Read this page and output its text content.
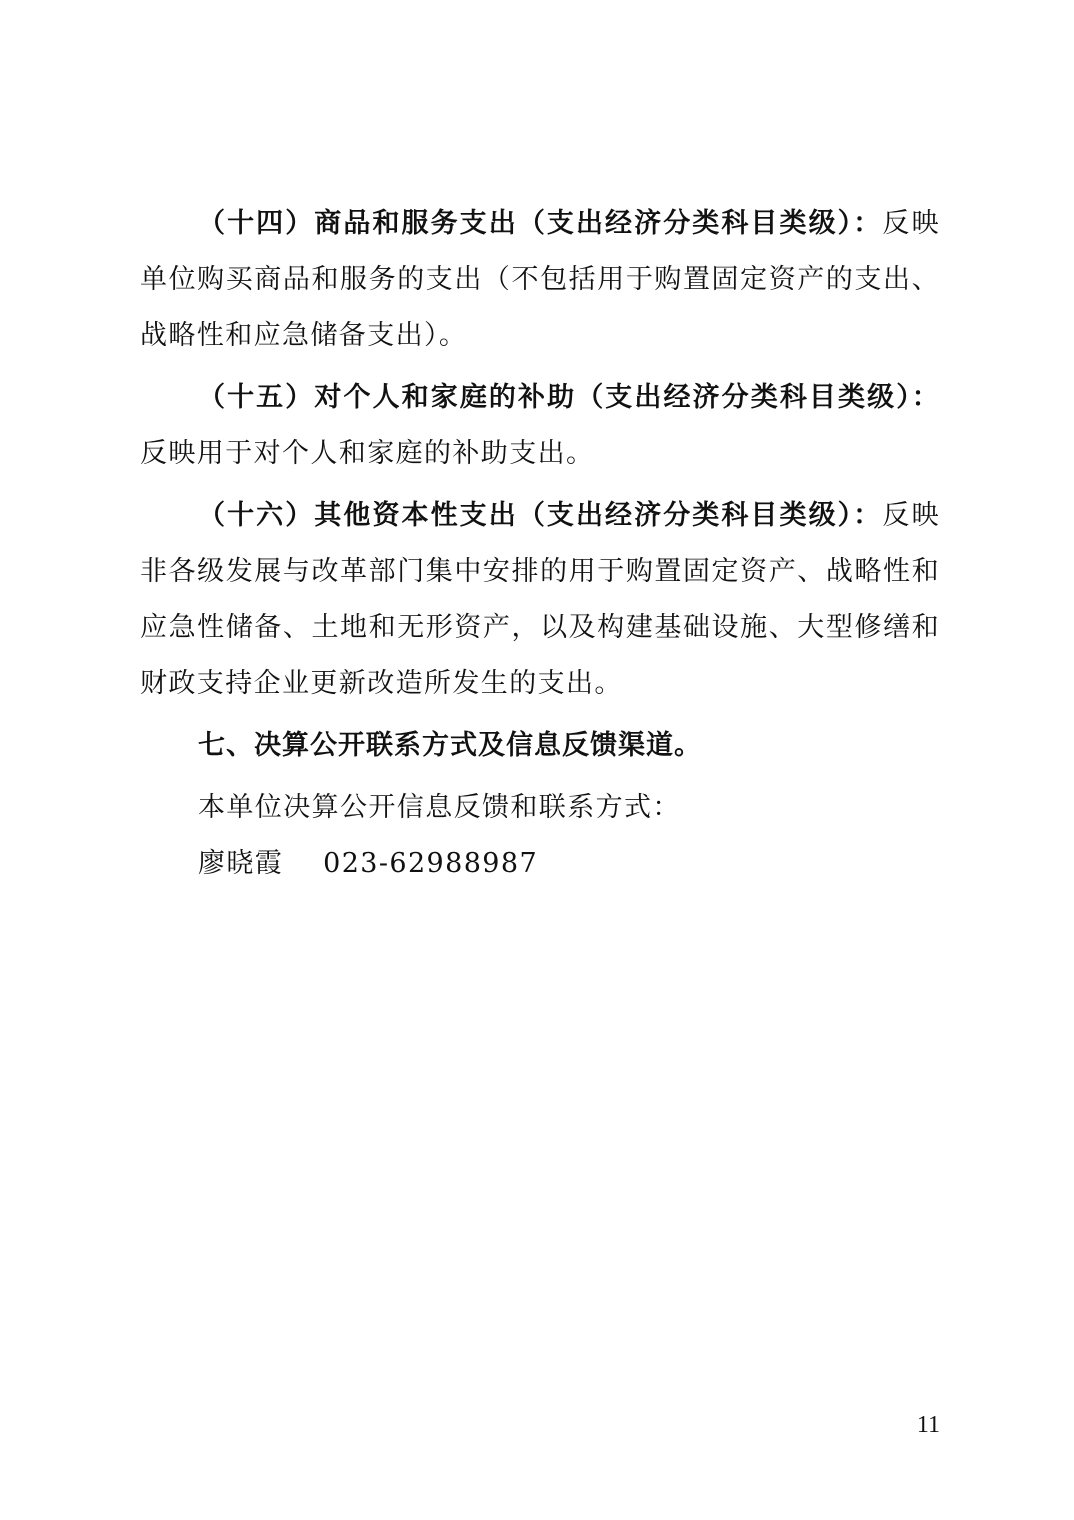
（十四）商品和服务支出（支出经济分类科目类级）：反映单位购买商品和服务的支出（不包括用于购置固定资产的支出、战略性和应急储备支出）。

（十五）对个人和家庭的补助（支出经济分类科目类级）：反映用于对个人和家庭的补助支出。

（十六）其他资本性支出（支出经济分类科目类级）：反映非各级发展与改革部门集中安排的用于购置固定资产、战略性和应急性储备、土地和无形资产，以及构建基础设施、大型修缮和财政支持企业更新改造所发生的支出。

七、决算公开联系方式及信息反馈渠道。

本单位决算公开信息反馈和联系方式：

廖晓霞 023-62988987

11
